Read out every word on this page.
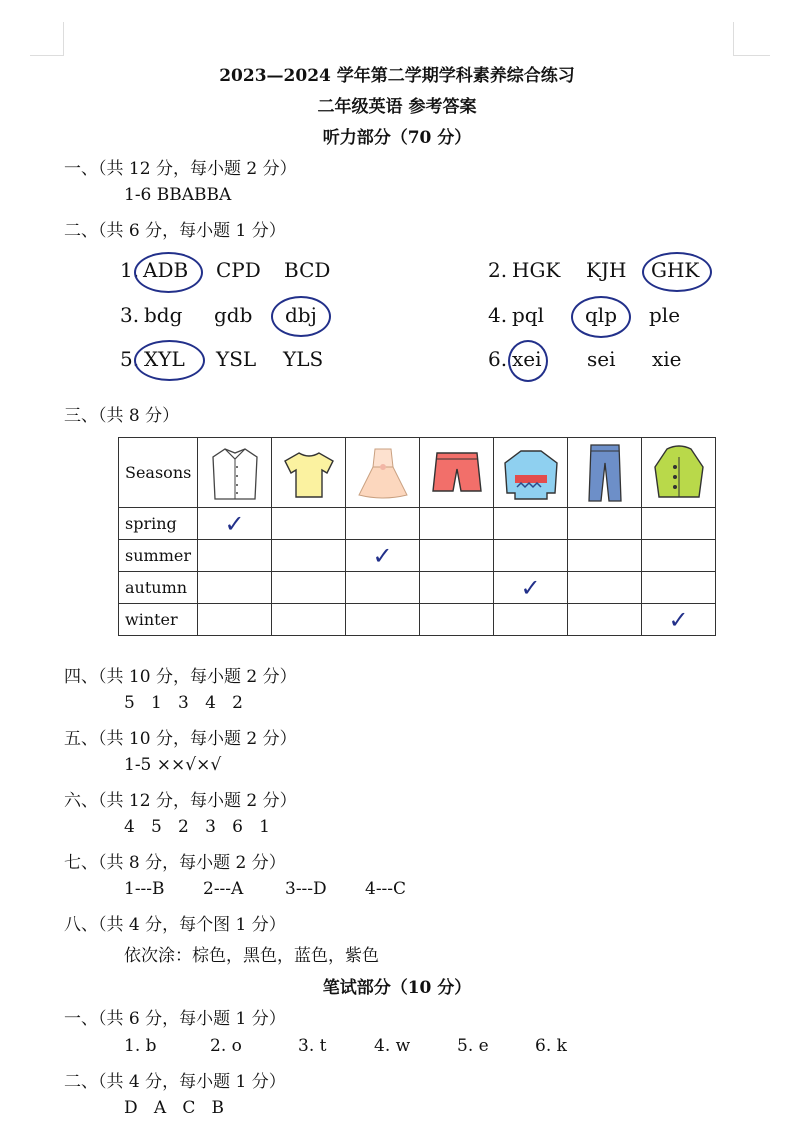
2023—2024 学年第二学期学科素养综合练习
二年级英语 参考答案
听力部分（70 分）
一、（共 12 分，每小题 2 分）
1-6 BBABBA
二、（共 6 分，每小题 1 分）
1. ADB CPD BCD	2. HGK KJH GHK
3. bdg gdb dbj	4. pql qlp ple
5. XYL YSL YLS	6. xei sei xie
三、（共 8 分）
Seasons	

spring	✓						
summer			✓				
autumn					✓		
winter							✓
四、（共 10 分，每小题 2 分）
5   1   3   4   2
五、（共 10 分，每小题 2 分）
1-5 ××√×√
六、（共 12 分，每小题 2 分）
4   5   2   3   6   1
七、（共 8 分，每小题 2 分）
1---B 2---A 3---D 4---C
八、（共 4 分，每个图 1 分）
依次涂：棕色，黑色，蓝色，紫色
笔试部分（10 分）
一、（共 6 分，每小题 1 分）
1. b	2. o	3. t	4. w	5. e	6. k
二、（共 4 分，每小题 1 分）
D   A   C   B
